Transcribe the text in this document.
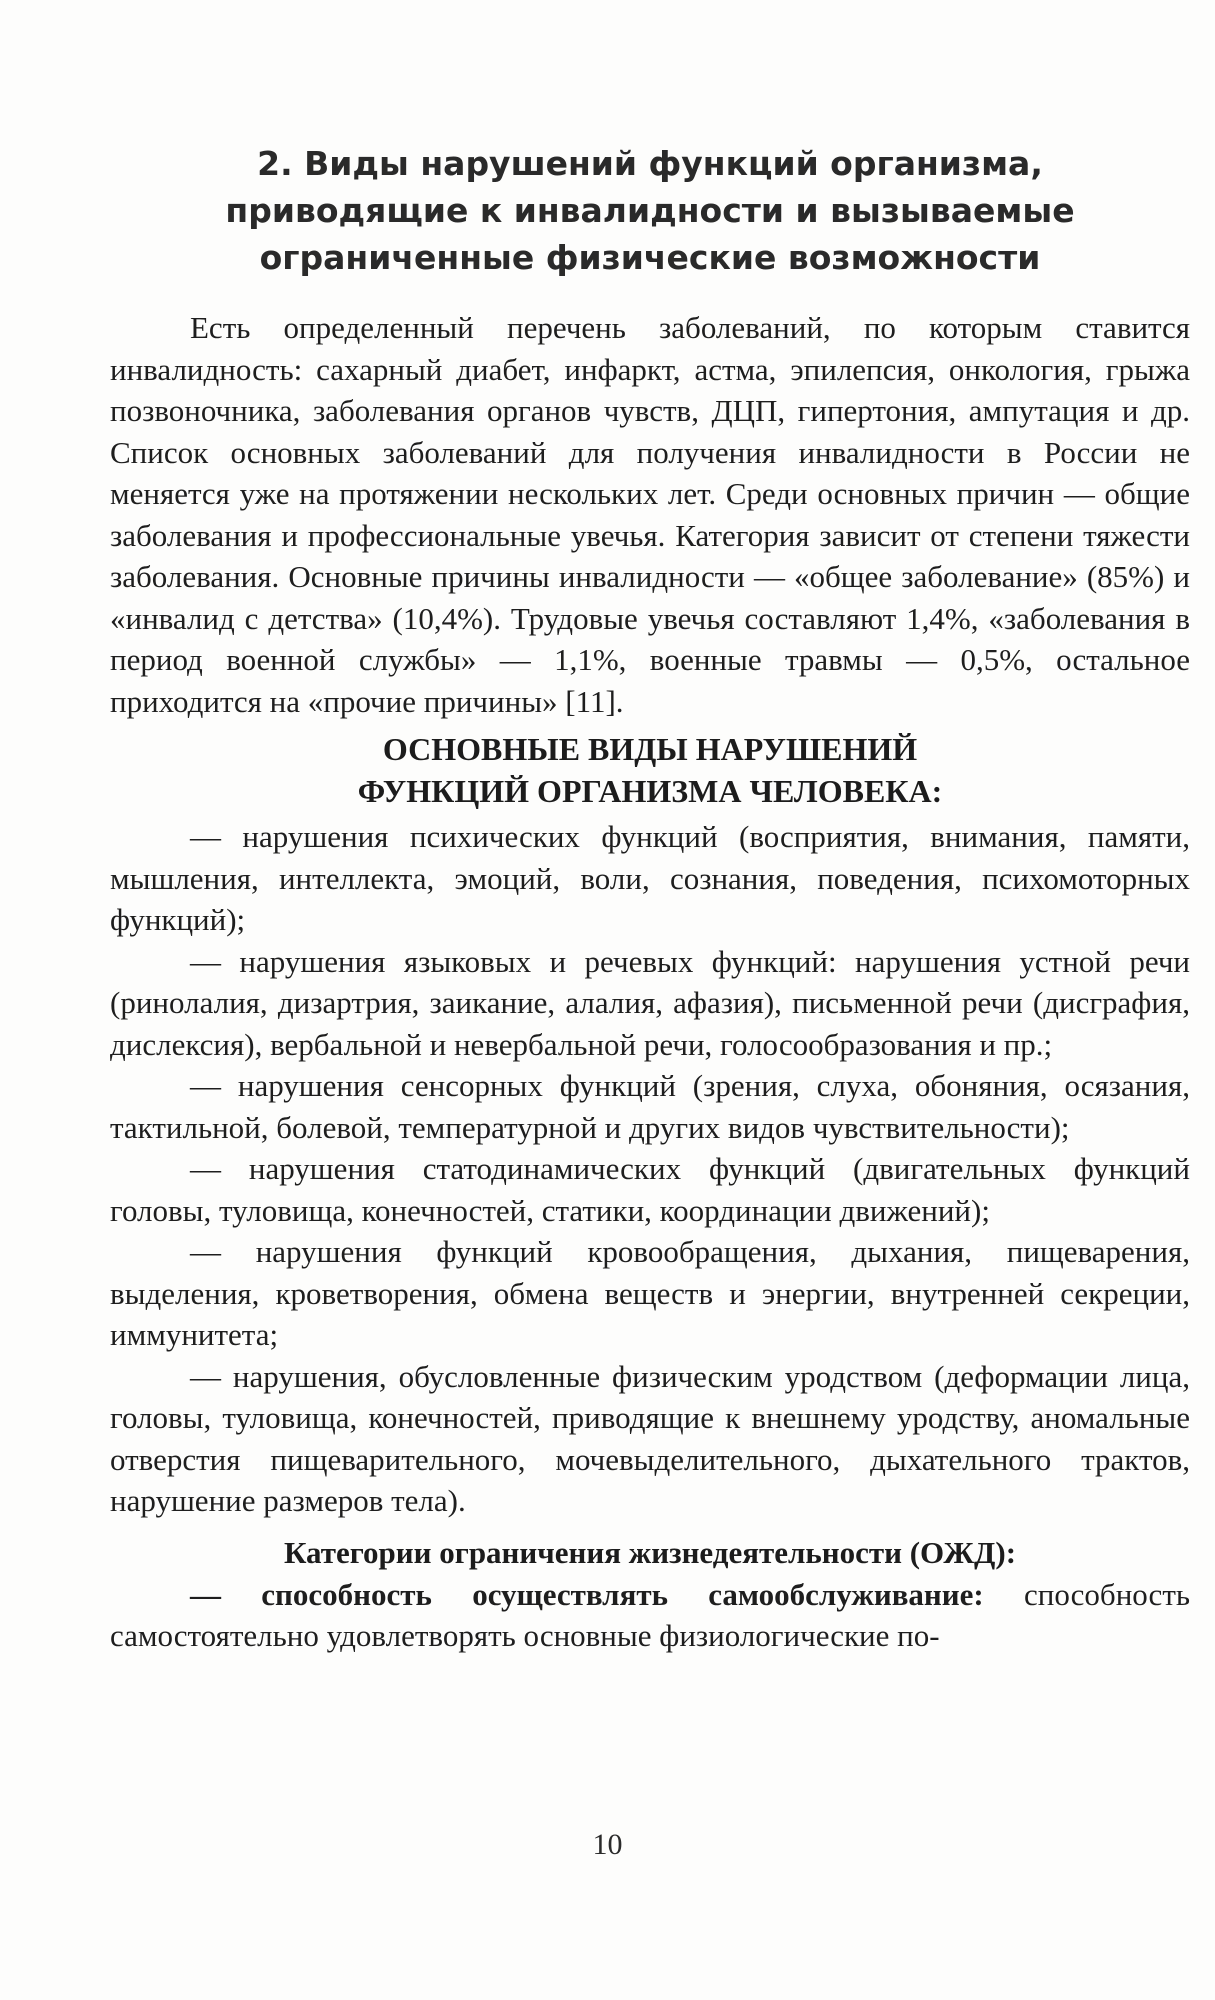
2. Виды нарушений функций организма,
приводящие к инвалидности и вызываемые
ограниченные физические возможности

Есть определенный перечень заболеваний, по которым ставится инвалидность: сахарный диабет, инфаркт, астма, эпилепсия, онкология, грыжа позвоночника, заболевания органов чувств, ДЦП, гипертония, ампутация и др. Список основных заболеваний для получения инвалидности в России не меняется уже на протяжении нескольких лет. Среди основных причин — общие заболевания и профессиональные увечья. Категория зависит от степени тяжести заболевания. Основные причины инвалидности — «общее заболевание» (85%) и «инвалид с детства» (10,4%). Трудовые увечья составляют 1,4%, «заболевания в период военной службы» — 1,1%, военные травмы — 0,5%, остальное приходится на «прочие причины» [11].

ОСНОВНЫЕ ВИДЫ НАРУШЕНИЙ
ФУНКЦИЙ ОРГАНИЗМА ЧЕЛОВЕКА:

— нарушения психических функций (восприятия, внимания, памяти, мышления, интеллекта, эмоций, воли, сознания, поведения, психомоторных функций);

— нарушения языковых и речевых функций: нарушения устной речи (ринолалия, дизартрия, заикание, алалия, афазия), письменной речи (дисграфия, дислексия), вербальной и невербальной речи, голосообразования и пр.;

— нарушения сенсорных функций (зрения, слуха, обоняния, осязания, тактильной, болевой, температурной и других видов чувствительности);

— нарушения статодинамических функций (двигательных функций головы, туловища, конечностей, статики, координации движений);

— нарушения функций кровообращения, дыхания, пищеварения, выделения, кроветворения, обмена веществ и энергии, внутренней секреции, иммунитета;

— нарушения, обусловленные физическим уродством (деформации лица, головы, туловища, конечностей, приводящие к внешнему уродству, аномальные отверстия пищеварительного, мочевыделительного, дыхательного трактов, нарушение размеров тела).

Категории ограничения жизнедеятельности (ОЖД):

— способность осуществлять самообслуживание: способность самостоятельно удовлетворять основные физиологические по-

10
